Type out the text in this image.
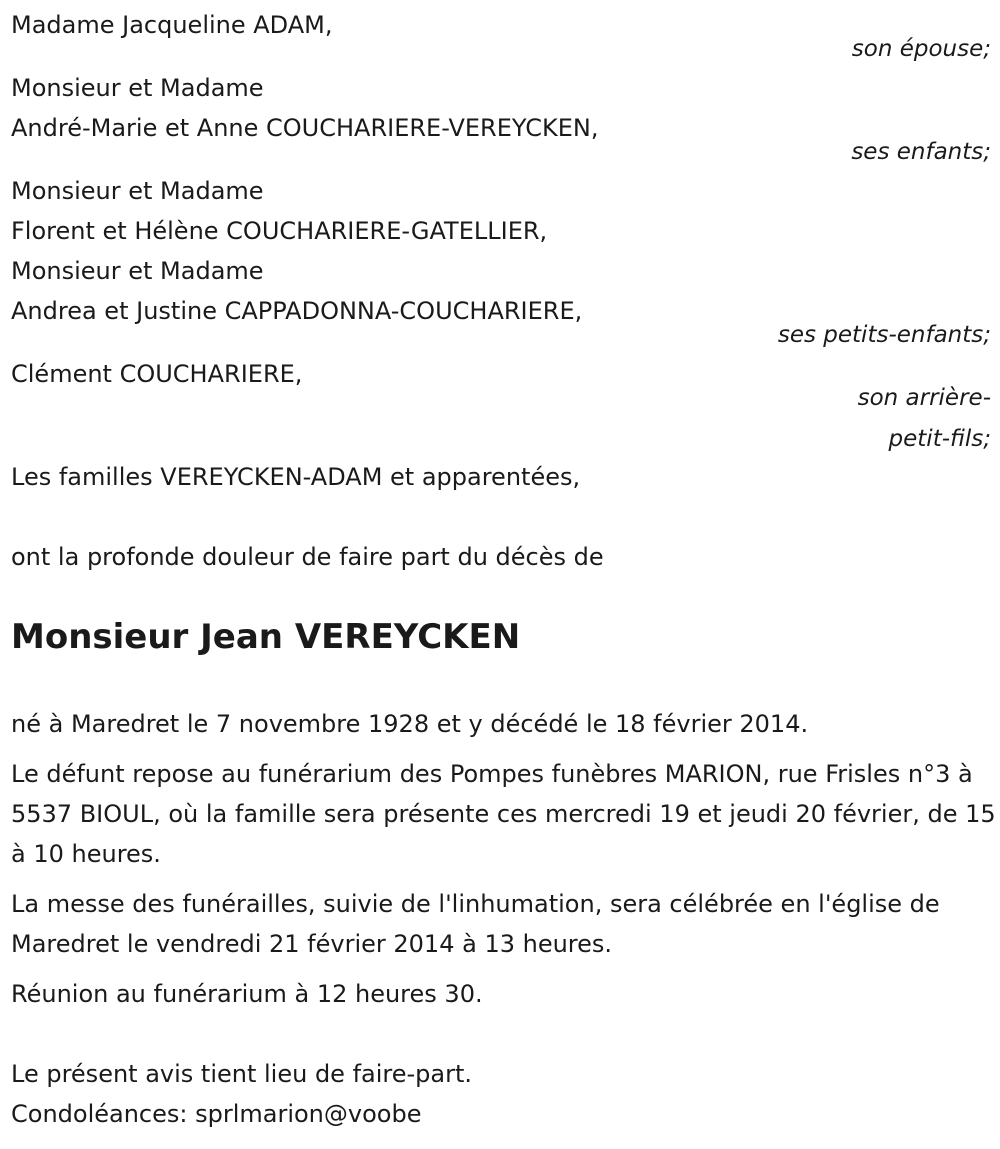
Madame Jacqueline ADAM,
son épouse;
Monsieur et Madame
André-Marie et Anne COUCHARIERE-VEREYCKEN,
ses enfants;
Monsieur et Madame
Florent et Hélène COUCHARIERE-GATELLIER,
Monsieur et Madame
Andrea et Justine CAPPADONNA-COUCHARIERE,
ses petits-enfants;
Clément COUCHARIERE,
son arrière-
petit-fils;
Les familles VEREYCKEN-ADAM et apparentées,
ont la profonde douleur de faire part du décès de
Monsieur Jean VEREYCKEN
né à Maredret le 7 novembre 1928 et y décédé le 18 février 2014.
Le défunt repose au funérarium des Pompes funèbres MARION, rue Frisles n°3 à 5537 BIOUL, où la famille sera présente ces mercredi 19 et jeudi 20 février, de 15 à 10 heures.
La messe des funérailles, suivie de l'linhumation, sera célébrée en l'église de Maredret le vendredi 21 février 2014 à 13 heures.
Réunion au funérarium à 12 heures 30.
Le présent avis tient lieu de faire-part.
Condoléances: sprlmarion@voobe
